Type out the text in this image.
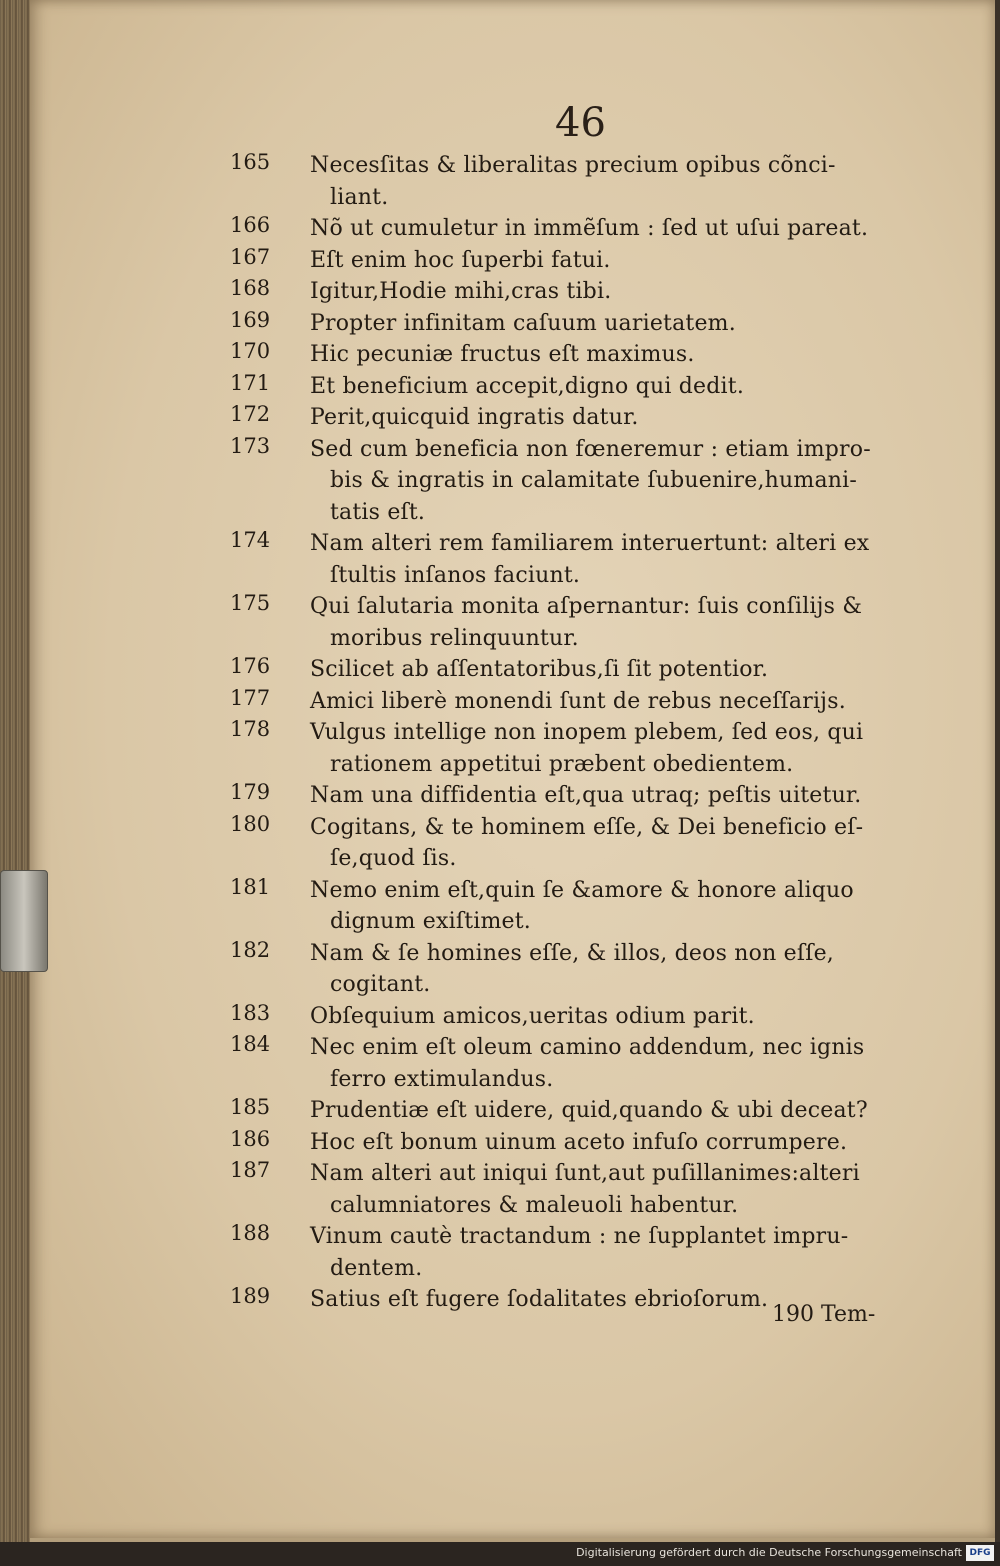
46
165	Necesſitas & liberalitas precium opibus cõnci-
liant.
166	Nõ ut cumuletur in immẽſum : ſed ut uſui pareat.
167	Eſt enim hoc ſuperbi fatui.
168	Igitur,Hodie mihi,cras tibi.
169	Propter infinitam caſuum uarietatem.
170	Hic pecuniæ fructus eſt maximus.
171	Et beneficium accepit,digno qui dedit.
172	Perit,quicquid ingratis datur.
173	Sed cum beneficia non fœneremur : etiam impro-
bis & ingratis in calamitate ſubuenire,humani-
tatis eſt.
174	Nam alteri rem familiarem interuertunt: alteri ex
ſtultis inſanos faciunt.
175	Qui ſalutaria monita aſpernantur: ſuis conſilijs &
moribus relinquuntur.
176	Scilicet ab aſſentatoribus,ſi ſit potentior.
177	Amici liberè monendi ſunt de rebus neceſſarijs.
178	Vulgus intellige non inopem plebem, ſed eos, qui
rationem appetitui præbent obedientem.
179	Nam una diffidentia eſt,qua utraq; peſtis uitetur.
180	Cogitans, & te hominem eſſe, & Dei beneficio eſ-
ſe,quod ſis.
181	Nemo enim eſt,quin ſe &amore & honore aliquo
dignum exiſtimet.
182	Nam & ſe homines eſſe, & illos, deos non eſſe,
cogitant.
183	Obſequium amicos,ueritas odium parit.
184	Nec enim eſt oleum camino addendum, nec ignis
ferro extimulandus.
185	Prudentiæ eſt uidere, quid,quando & ubi deceat?
186	Hoc eſt bonum uinum aceto infuſo corrumpere.
187	Nam alteri aut iniqui ſunt,aut puſillanimes:alteri
calumniatores & maleuoli habentur.
188	Vinum cautè tractandum : ne ſupplantet impru-
dentem.
189	Satius eſt fugere ſodalitates ebrioſorum.
190 Tem-
Digitalisierung gefördert durch die Deutsche Forschungsgemeinschaft DFG
